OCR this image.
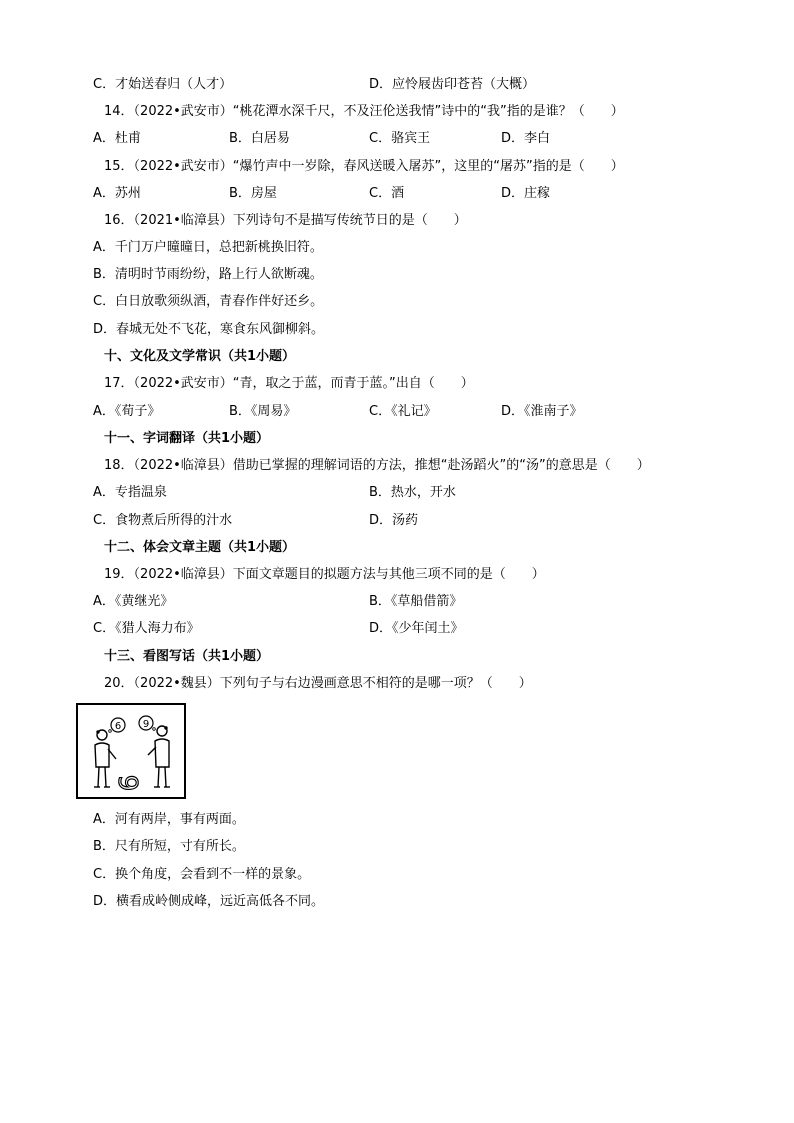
C．才始送春归（人才）	D．应怜屐齿印苍苔（大概）
14．（2022•武安市）“桃花潭水深千尺，不及汪伦送我情”诗中的“我”指的是谁？（　　）
A．杜甫	B．白居易	C．骆宾王	D．李白
15．（2022•武安市）“爆竹声中一岁除，春风送暖入屠苏”，这里的“屠苏”指的是（　　）
A．苏州	B．房屋	C．酒	D．庄稼
16．（2021•临漳县）下列诗句不是描写传统节日的是（　　）
A．千门万户曈曈日，总把新桃换旧符。
B．清明时节雨纷纷，路上行人欲断魂。
C．白日放歌须纵酒，青春作伴好还乡。
D．春城无处不飞花，寒食东风御柳斜。
十、文化及文学常识（共1小题）
17．（2022•武安市）“青，取之于蓝，而青于蓝。”出自（　　）
A．《荀子》	B．《周易》	C．《礼记》	D．《淮南子》
十一、字词翻译（共1小题）
18．（2022•临漳县）借助已掌握的理解词语的方法，推想“赴汤蹈火”的“汤”的意思是（　　）
A．专指温泉	B．热水，开水
C．食物煮后所得的汁水	D．汤药
十二、体会文章主题（共1小题）
19．（2022•临漳县）下面文章题目的拟题方法与其他三项不同的是（　　）
A．《黄继光》	B．《草船借箭》
C．《猎人海力布》	D．《少年闰土》
十三、看图写话（共1小题）
20．（2022•魏县）下列句子与右边漫画意思不相符的是哪一项？（　　）
6 9
6
A．河有两岸，事有两面。
B．尺有所短，寸有所长。
C．换个角度，会看到不一样的景象。
D．横看成岭侧成峰，远近高低各不同。
